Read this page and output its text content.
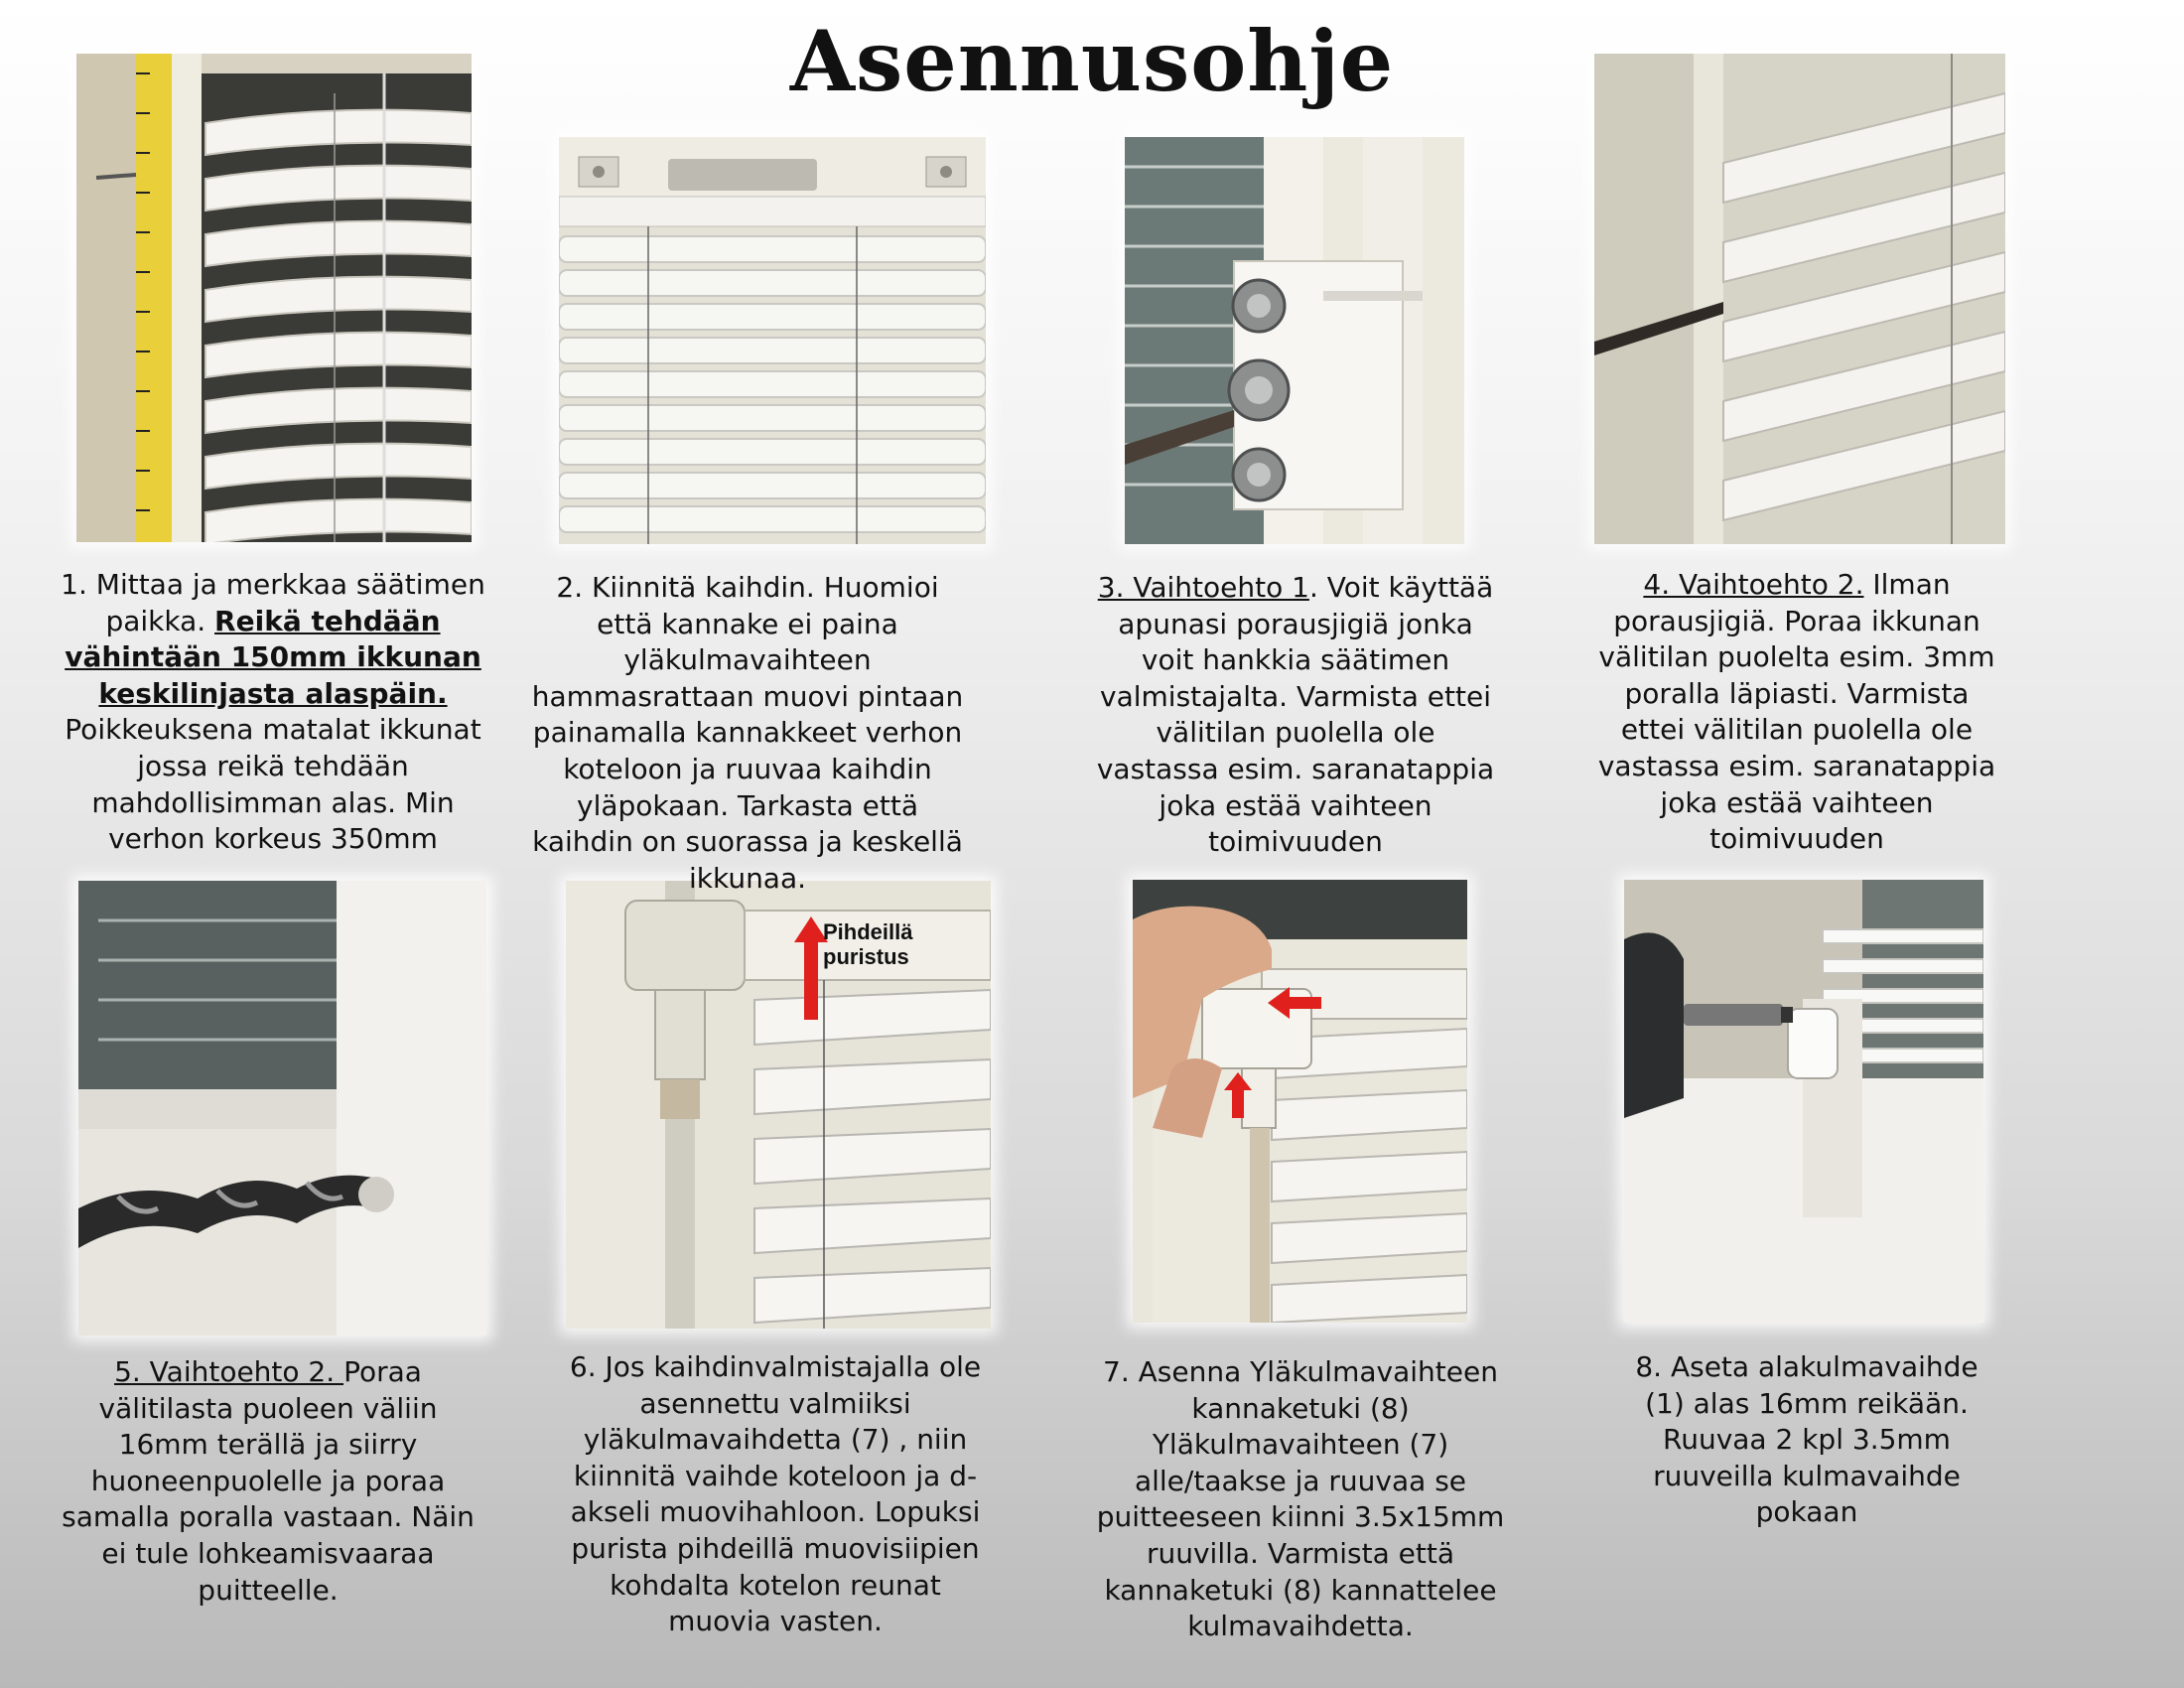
Asennusohje
Pihdeillä puristus
1. Mittaa ja merkkaa säätimen paikka. Reikä tehdään vähintään 150mm ikkunan keskilinjasta alaspäin. Poikkeuksena matalat ikkunat jossa reikä tehdään mahdollisimman alas. Min verhon korkeus 350mm
2. Kiinnitä kaihdin. Huomioi että kannake ei paina yläkulmavaihteen hammasrattaan muovi pintaan painamalla kannakkeet verhon koteloon ja ruuvaa kaihdin yläpokaan. Tarkasta että kaihdin on suorassa ja keskellä ikkunaa.
3. Vaihtoehto 1. Voit käyttää apunasi porausjigiä jonka voit hankkia säätimen valmistajalta. Varmista ettei välitilan puolella ole vastassa esim. saranatappia joka estää vaihteen toimivuuden
4. Vaihtoehto 2. Ilman porausjigiä. Poraa ikkunan välitilan puolelta esim. 3mm poralla läpiasti. Varmista ettei välitilan puolella ole vastassa esim. saranatappia joka estää vaihteen toimivuuden
5. Vaihtoehto 2. Poraa välitilasta puoleen väliin 16mm terällä ja siirry huoneenpuolelle ja poraa samalla poralla vastaan. Näin ei tule lohkeamisvaaraa puitteelle.
6. Jos kaihdinvalmistajalla ole asennettu valmiiksi yläkulmavaihdetta (7) , niin kiinnitä vaihde koteloon ja d-akseli muovihahloon. Lopuksi purista pihdeillä muovisiipien kohdalta kotelon reunat muovia vasten.
7. Asenna Yläkulmavaihteen kannaketuki (8) Yläkulmavaihteen (7) alle/taakse ja ruuvaa se puitteeseen kiinni 3.5x15mm ruuvilla. Varmista että kannaketuki (8) kannattelee kulmavaihdetta.
8. Aseta alakulmavaihde (1) alas 16mm reikään. Ruuvaa 2 kpl 3.5mm ruuveilla kulmavaihde pokaan
